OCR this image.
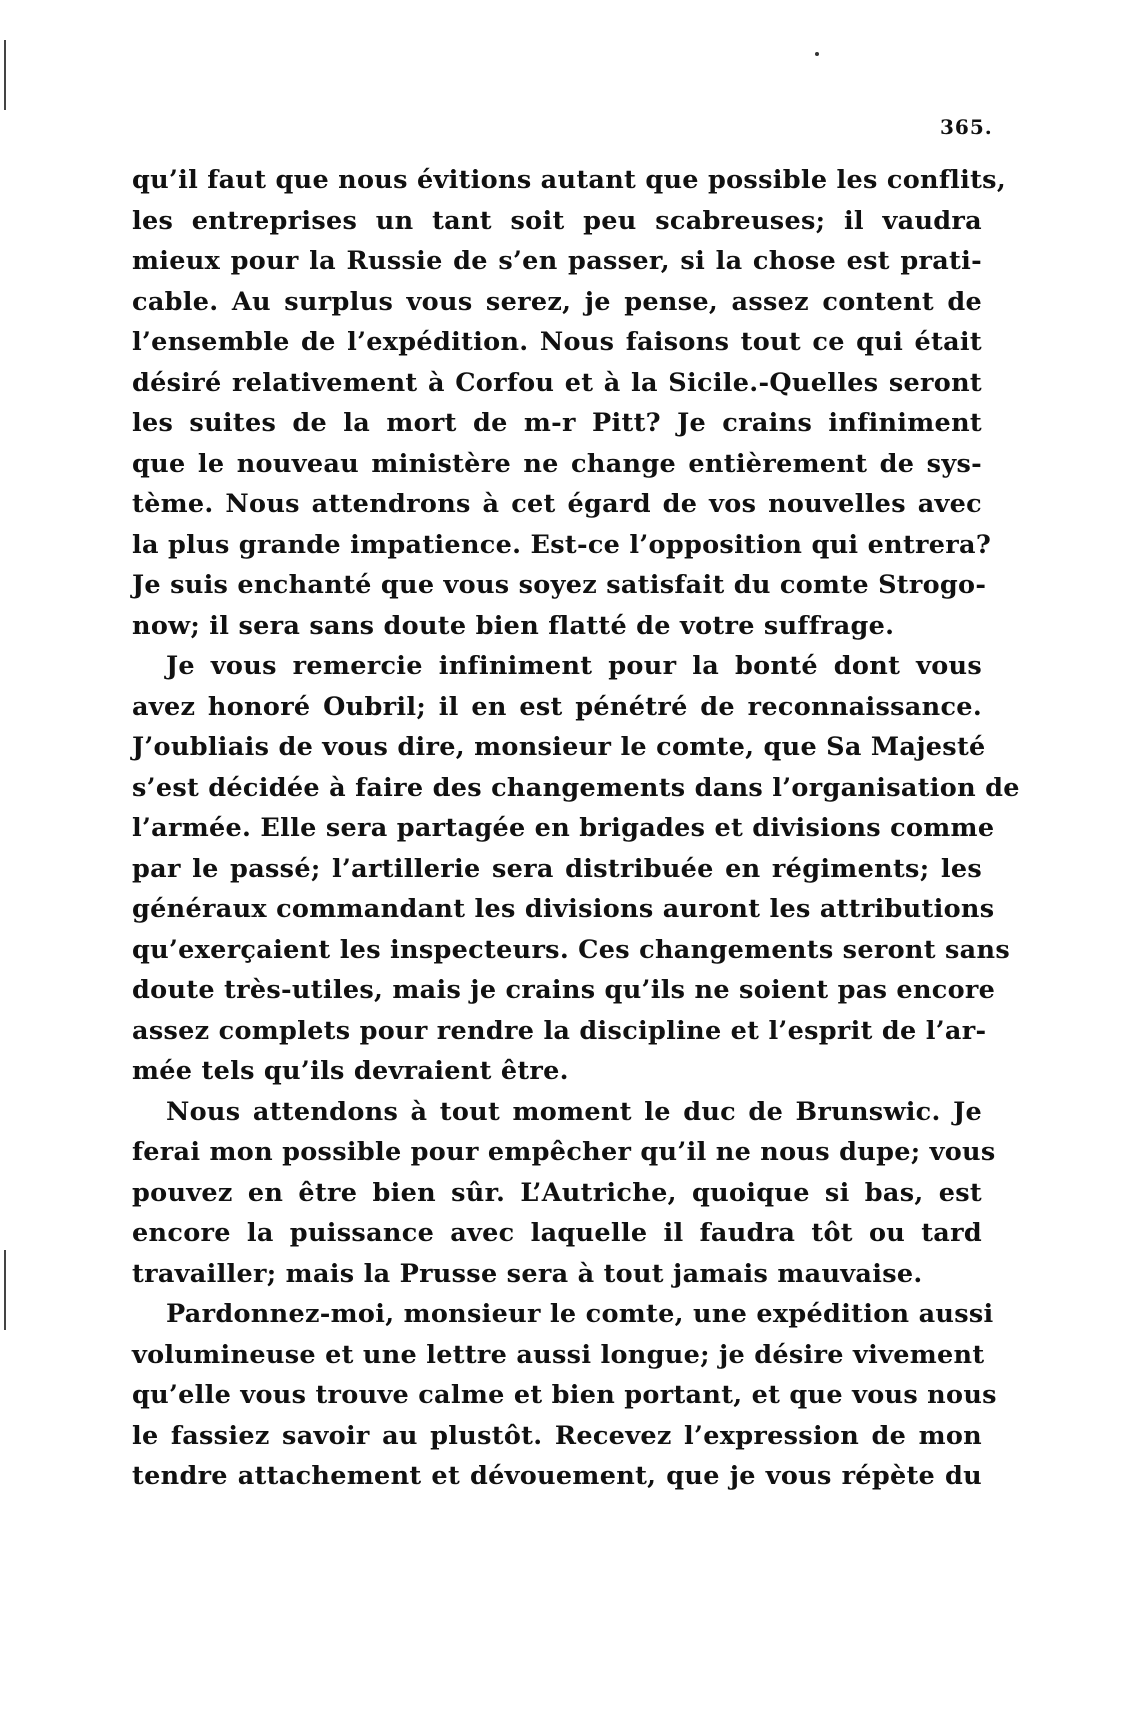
365.
qu’il faut que nous évitions autant que possible les conflits,
les entreprises un tant soit peu scabreuses; il vaudra
mieux pour la Russie de s’en passer, si la chose est prati-
cable. Au surplus vous serez, je pense, assez content de
l’ensemble de l’expédition. Nous faisons tout ce qui était
désiré relativement à Corfou et à la Sicile.-Quelles seront
les suites de la mort de m-r Pitt? Je crains infiniment
que le nouveau ministère ne change entièrement de sys-
tème. Nous attendrons à cet égard de vos nouvelles avec
la plus grande impatience. Est-ce l’opposition qui entrera?
Je suis enchanté que vous soyez satisfait du comte Strogo-
now; il sera sans doute bien flatté de votre suffrage.
Je vous remercie infiniment pour la bonté dont vous
avez honoré Oubril; il en est pénétré de reconnaissance.
J’oubliais de vous dire, monsieur le comte, que Sa Majesté
s’est décidée à faire des changements dans l’organisation de
l’armée. Elle sera partagée en brigades et divisions comme
par le passé; l’artillerie sera distribuée en régiments; les
généraux commandant les divisions auront les attributions
qu’exerçaient les inspecteurs. Ces changements seront sans
doute très-utiles, mais je crains qu’ils ne soient pas encore
assez complets pour rendre la discipline et l’esprit de l’ar-
mée tels qu’ils devraient être.
Nous attendons à tout moment le duc de Brunswic. Je
ferai mon possible pour empêcher qu’il ne nous dupe; vous
pouvez en être bien sûr. L’Autriche, quoique si bas, est
encore la puissance avec laquelle il faudra tôt ou tard
travailler; mais la Prusse sera à tout jamais mauvaise.
Pardonnez-moi, monsieur le comte, une expédition aussi
volumineuse et une lettre aussi longue; je désire vivement
qu’elle vous trouve calme et bien portant, et que vous nous
le fassiez savoir au plustôt. Recevez l’expression de mon
tendre attachement et dévouement, que je vous répète du
